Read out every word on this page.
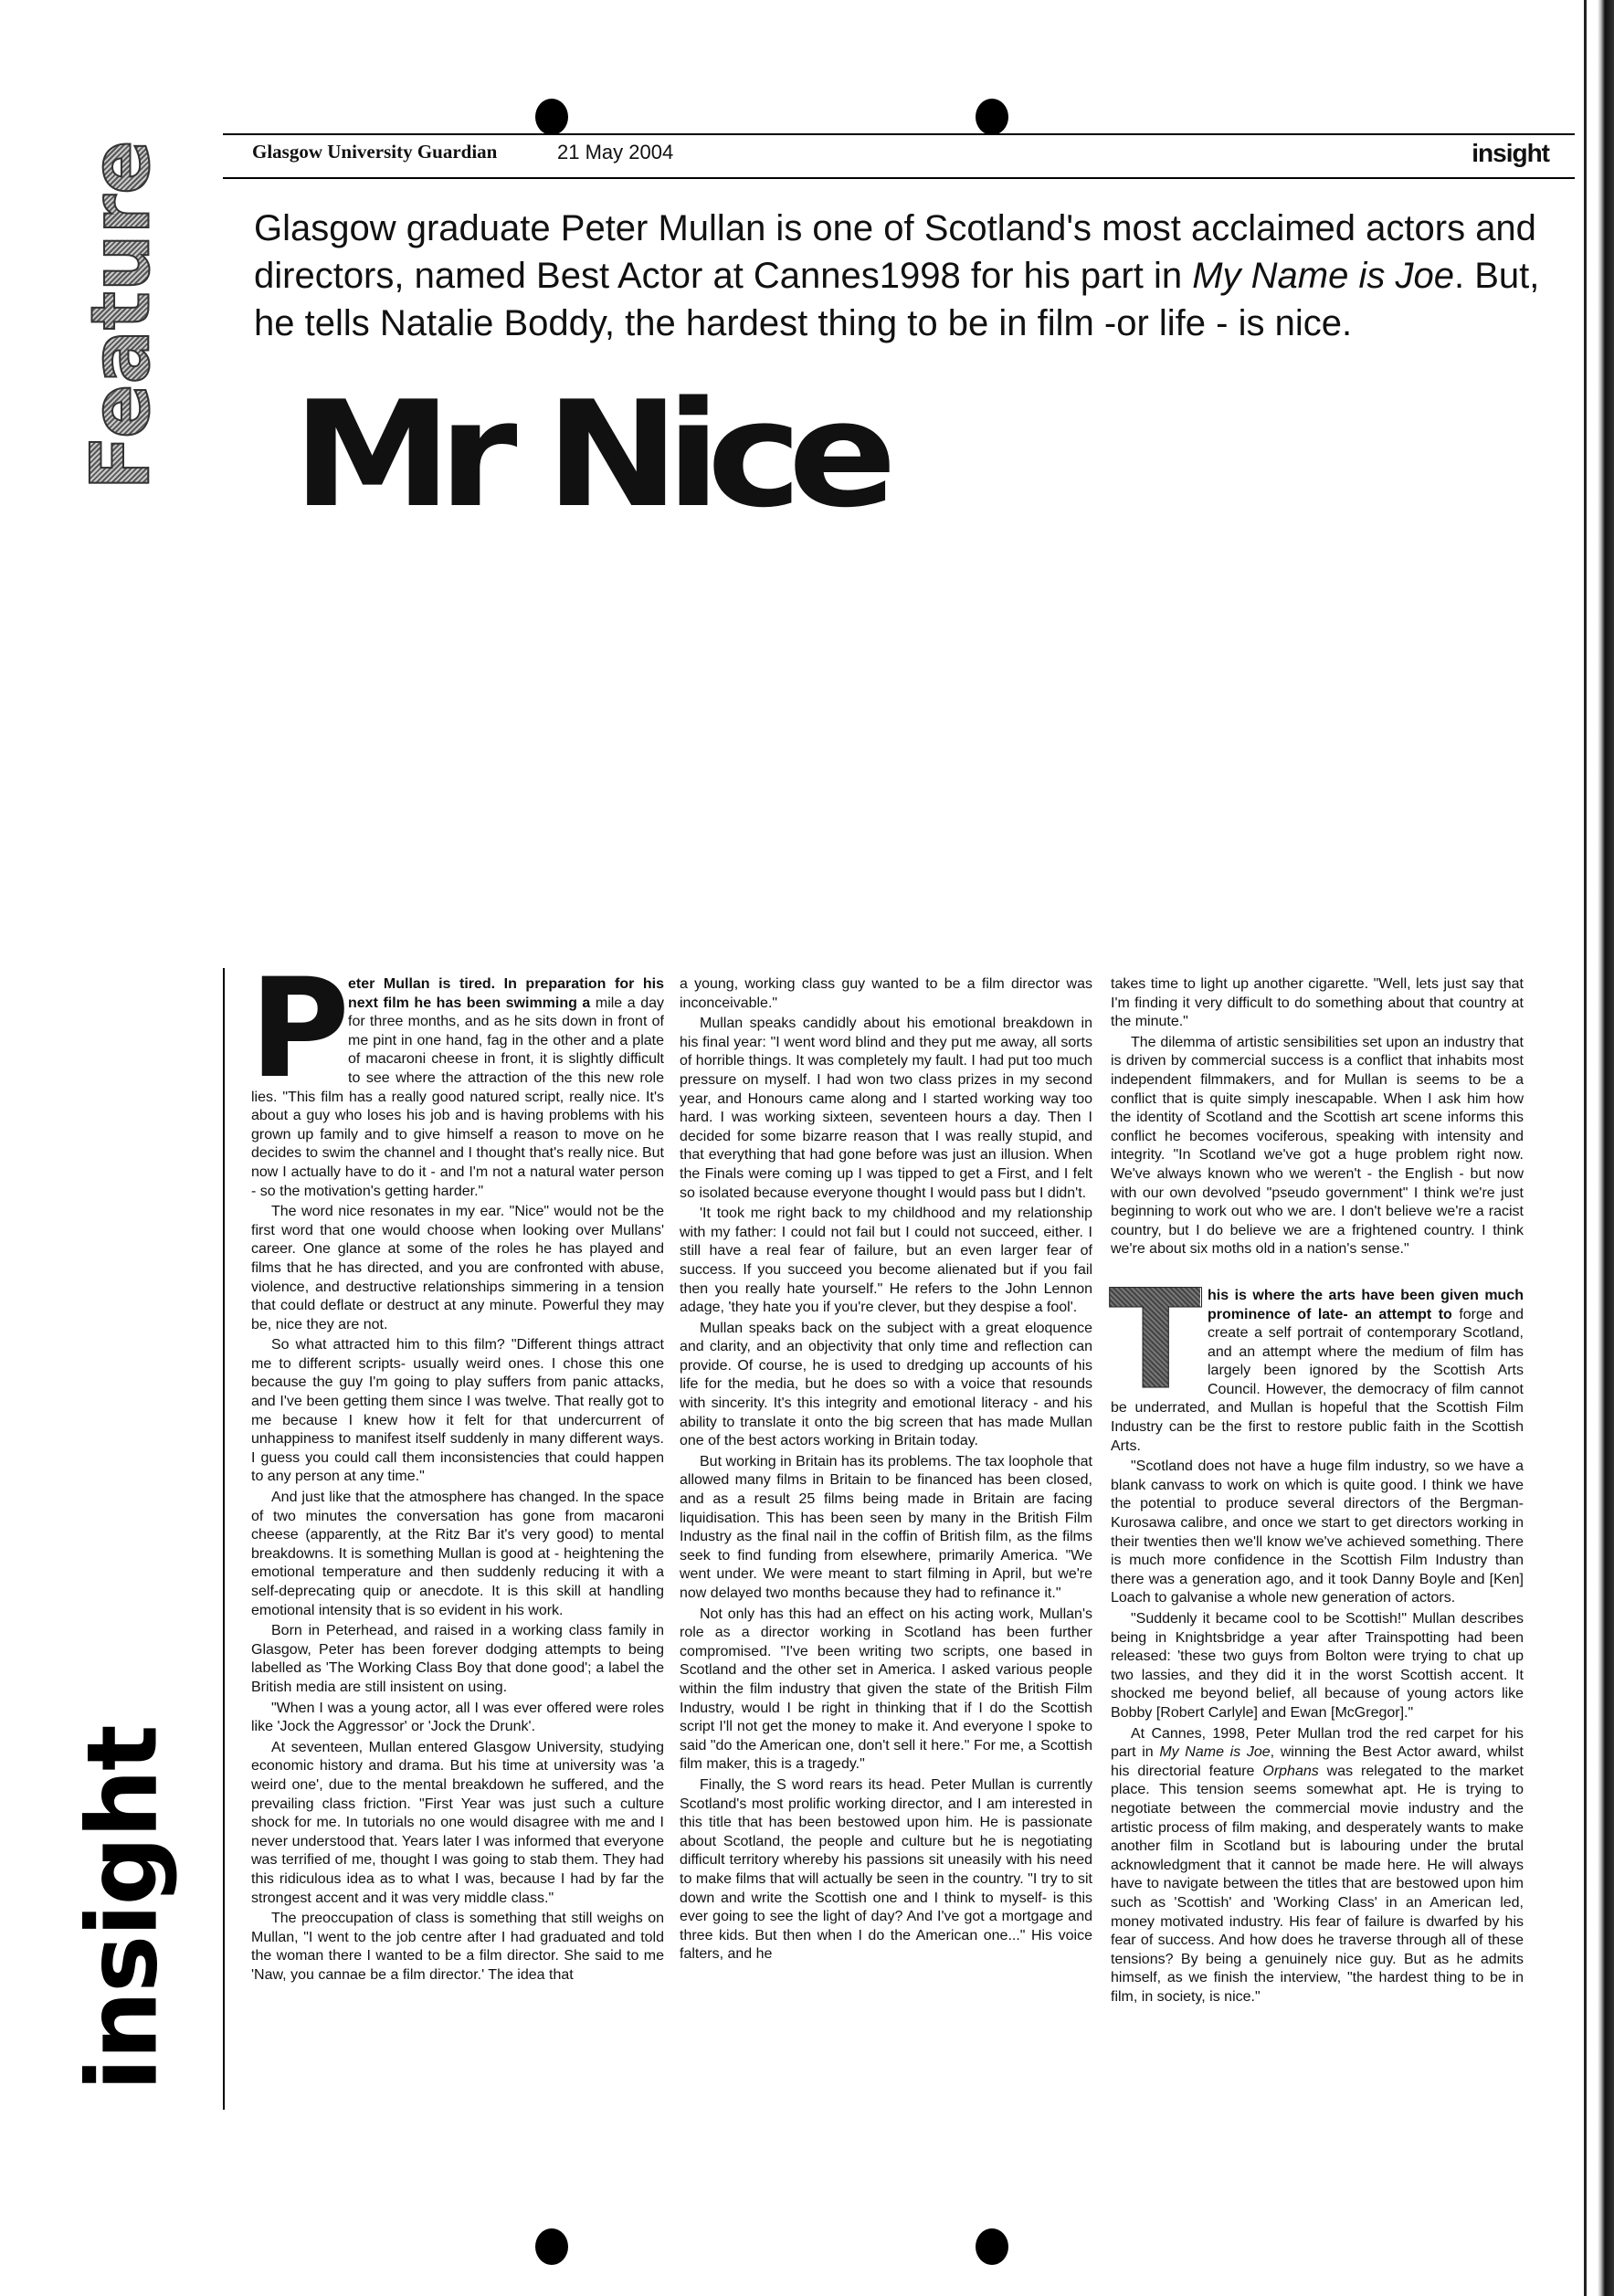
Feature
insight
Glasgow University Guardian	21 May 2004	insight

Glasgow graduate Peter Mullan is one of Scotland's most acclaimed actors and directors, named Best Actor at Cannes1998 for his part in My Name is Joe. But, he tells Natalie Boddy, the hardest thing to be in film -or life - is nice.

Mr Nice

P
eter Mullan is tired. In preparation for his next film he has been swimming a mile a day for three months, and as he sits down in front of me pint in one hand, fag in the other and a plate of macaroni cheese in front, it is slightly difficult to see where the attraction of the this new role lies. "This film has a really good natured script, really nice. It's about a guy who loses his job and is having problems with his grown up family and to give himself a reason to move on he decides to swim the channel and I thought that's really nice. But now I actually have to do it - and I'm not a natural water person - so the motivation's getting harder."

The word nice resonates in my ear. "Nice" would not be the first word that one would choose when looking over Mullans' career. One glance at some of the roles he has played and films that he has directed, and you are confronted with abuse, violence, and destructive relationships simmering in a tension that could deflate or destruct at any minute. Powerful they may be, nice they are not.

So what attracted him to this film? "Different things attract me to different scripts- usually weird ones. I chose this one because the guy I'm going to play suffers from panic attacks, and I've been getting them since I was twelve. That really got to me because I knew how it felt for that undercurrent of unhappiness to manifest itself suddenly in many different ways. I guess you could call them inconsistencies that could happen to any person at any time."

And just like that the atmosphere has changed. In the space of two minutes the conversation has gone from macaroni cheese (apparently, at the Ritz Bar it's very good) to mental breakdowns. It is something Mullan is good at - heightening the emotional temperature and then suddenly reducing it with a self-deprecating quip or anecdote. It is this skill at handling emotional intensity that is so evident in his work.

Born in Peterhead, and raised in a working class family in Glasgow, Peter has been forever dodging attempts to being labelled as 'The Working Class Boy that done good'; a label the British media are still insistent on using.

"When I was a young actor, all I was ever offered were roles like 'Jock the Aggressor' or 'Jock the Drunk'.

At seventeen, Mullan entered Glasgow University, studying economic history and drama. But his time at university was 'a weird one', due to the mental breakdown he suffered, and the prevailing class friction. "First Year was just such a culture shock for me. In tutorials no one would disagree with me and I never understood that. Years later I was informed that everyone was terrified of me, thought I was going to stab them. They had this ridiculous idea as to what I was, because I had by far the strongest accent and it was very middle class."

The preoccupation of class is something that still weighs on Mullan, "I went to the job centre after I had graduated and told the woman there I wanted to be a film director. She said to me 'Naw, you cannae be a film director.' The idea that

a young, working class guy wanted to be a film director was inconceivable."

Mullan speaks candidly about his emotional breakdown in his final year: "I went word blind and they put me away, all sorts of horrible things. It was completely my fault. I had put too much pressure on myself. I had won two class prizes in my second year, and Honours came along and I started working way too hard. I was working sixteen, seventeen hours a day. Then I decided for some bizarre reason that I was really stupid, and that everything that had gone before was just an illusion. When the Finals were coming up I was tipped to get a First, and I felt so isolated because everyone thought I would pass but I didn't.

'It took me right back to my childhood and my relationship with my father: I could not fail but I could not succeed, either. I still have a real fear of failure, but an even larger fear of success. If you succeed you become alienated but if you fail then you really hate yourself." He refers to the John Lennon adage, 'they hate you if you're clever, but they despise a fool'.

Mullan speaks back on the subject with a great eloquence and clarity, and an objectivity that only time and reflection can provide. Of course, he is used to dredging up accounts of his life for the media, but he does so with a voice that resounds with sincerity. It's this integrity and emotional literacy - and his ability to translate it onto the big screen that has made Mullan one of the best actors working in Britain today.

But working in Britain has its problems. The tax loophole that allowed many films in Britain to be financed has been closed, and as a result 25 films being made in Britain are facing liquidisation. This has been seen by many in the British Film Industry as the final nail in the coffin of British film, as the films seek to find funding from elsewhere, primarily America. "We went under. We were meant to start filming in April, but we're now delayed two months because they had to refinance it."

Not only has this had an effect on his acting work, Mullan's role as a director working in Scotland has been further compromised. "I've been writing two scripts, one based in Scotland and the other set in America. I asked various people within the film industry that given the state of the British Film Industry, would I be right in thinking that if I do the Scottish script I'll not get the money to make it. And everyone I spoke to said "do the American one, don't sell it here." For me, a Scottish film maker, this is a tragedy."

Finally, the S word rears its head. Peter Mullan is currently Scotland's most prolific working director, and I am interested in this title that has been bestowed upon him. He is passionate about Scotland, the people and culture but he is negotiating difficult territory whereby his passions sit uneasily with his need to make films that will actually be seen in the country. "I try to sit down and write the Scottish one and I think to myself- is this ever going to see the light of day? And I've got a mortgage and three kids. But then when I do the American one..." His voice falters, and he

takes time to light up another cigarette. "Well, lets just say that I'm finding it very difficult to do something about that country at the minute."

The dilemma of artistic sensibilities set upon an industry that is driven by commercial success is a conflict that inhabits most independent filmmakers, and for Mullan is seems to be a conflict that is quite simply inescapable. When I ask him how the identity of Scotland and the Scottish art scene informs this conflict he becomes vociferous, speaking with intensity and integrity. "In Scotland we've got a huge problem right now. We've always known who we weren't - the English - but now with our own devolved "pseudo government" I think we're just beginning to work out who we are. I don't believe we're a racist country, but I do believe we are a frightened country. I think we're about six moths old in a nation's sense."

T his is where the arts have been given much prominence of late- an attempt to forge and create a self portrait of contemporary Scotland, and an attempt where the medium of film has largely been ignored by the Scottish Arts Council. However, the democracy of film cannot be underrated, and Mullan is hopeful that the Scottish Film Industry can be the first to restore public faith in the Scottish Arts.

"Scotland does not have a huge film industry, so we have a blank canvass to work on which is quite good. I think we have the potential to produce several directors of the Bergman-Kurosawa calibre, and once we start to get directors working in their twenties then we'll know we've achieved something. There is much more confidence in the Scottish Film Industry than there was a generation ago, and it took Danny Boyle and [Ken] Loach to galvanise a whole new generation of actors.

"Suddenly it became cool to be Scottish!" Mullan describes being in Knightsbridge a year after Trainspotting had been released: 'these two guys from Bolton were trying to chat up two lassies, and they did it in the worst Scottish accent. It shocked me beyond belief, all because of young actors like Bobby [Robert Carlyle] and Ewan [McGregor]."

At Cannes, 1998, Peter Mullan trod the red carpet for his part in My Name is Joe, winning the Best Actor award, whilst his directorial feature Orphans was relegated to the market place. This tension seems somewhat apt. He is trying to negotiate between the commercial movie industry and the artistic process of film making, and desperately wants to make another film in Scotland but is labouring under the brutal acknowledgment that it cannot be made here. He will always have to navigate between the titles that are bestowed upon him such as 'Scottish' and 'Working Class' in an American led, money motivated industry. His fear of failure is dwarfed by his fear of success. And how does he traverse through all of these tensions? By being a genuinely nice guy. But as he admits himself, as we finish the interview, "the hardest thing to be in film, in society, is nice."
